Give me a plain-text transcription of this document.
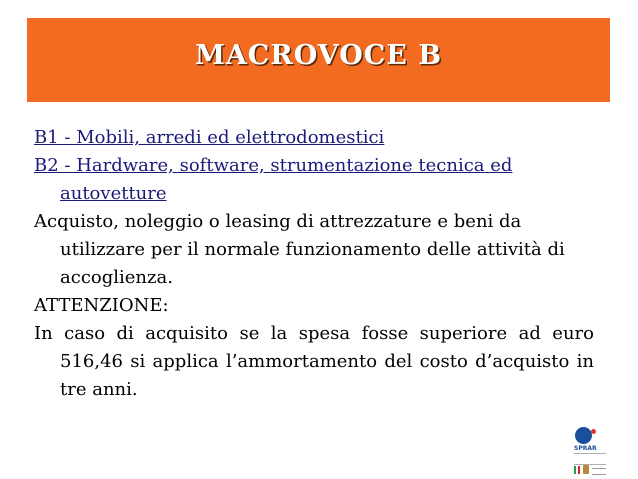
MACROVOCE B

B1 - Mobili, arredi ed elettrodomestici

B2 - Hardware, software, strumentazione tecnica ed autovetture

Acquisto, noleggio o leasing di attrezzature e beni da utilizzare per il normale funzionamento delle attività di accoglienza.

ATTENZIONE:

In caso di acquisito se la spesa fosse superiore ad euro 516,46 si applica l’ammortamento del costo d’acquisto in tre anni.

SPRAR
